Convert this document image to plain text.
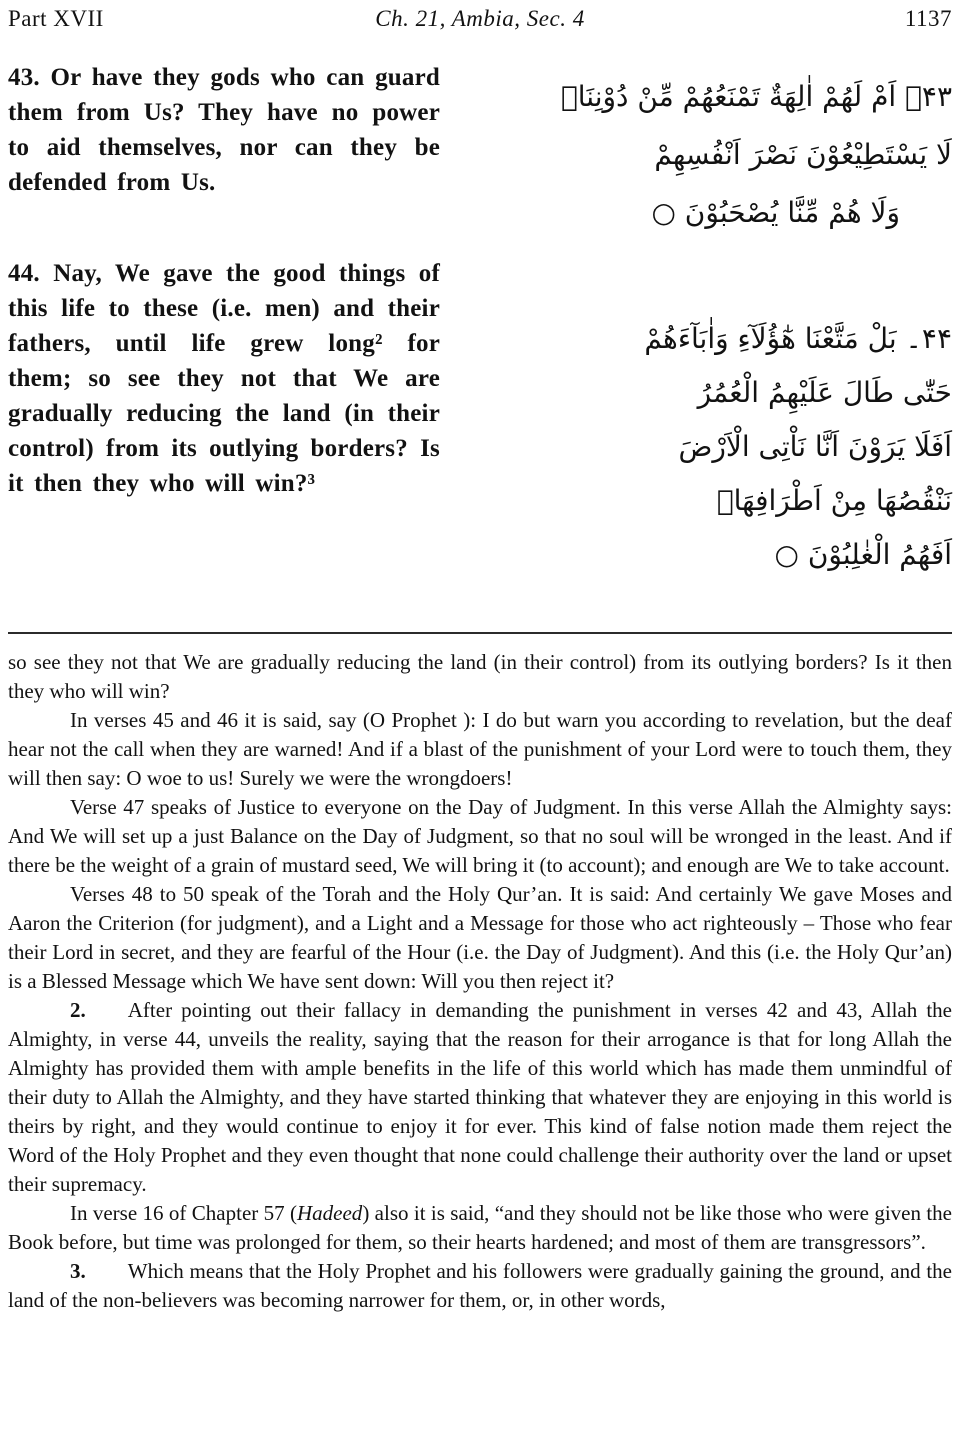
Part XVII	Ch. 21, Ambia, Sec. 4	1137

43. Or have they gods who can guard them from Us? They have no power to aid themselves, nor can they be defended from Us.

44. Nay, We gave the good things of this life to these (i.e. men) and their fathers, until life grew long² for them; so see they not that We are gradually reducing the land (in their control) from its outlying borders? Is it then they who will win?³

۴۳۔ اَمْ لَهُمْ اٰلِهَةٌ تَمْنَعُهُمْ مِّنْ دُوْنِنَاۘ
لَا يَسْتَطِيْعُوْنَ نَصْرَ اَنْفُسِهِمْ
وَلَا هُمْ مِّنَّا يُصْحَبُوْنَ ○
۴۴۔ بَلْ مَتَّعْنَا هٰٓؤُلَآءِ وَاٰبَآءَهُمْ
حَتّٰى طَالَ عَلَيْهِمُ الْعُمُرُ
اَفَلَا يَرَوْنَ اَنَّا نَاْتِى الْاَرْضَ
نَنْقُصُهَا مِنْ اَطْرَافِهَاۚ
اَفَهُمُ الْغٰلِبُوْنَ ○

so see they not that We are gradually reducing the land (in their control) from its outlying borders? Is it then they who will win?

In verses 45 and 46 it is said, say (O Prophet ): I do but warn you according to revelation, but the deaf hear not the call when they are warned! And if a blast of the punishment of your Lord were to touch them, they will then say: O woe to us! Surely we were the wrongdoers!

Verse 47 speaks of Justice to everyone on the Day of Judgment. In this verse Allah the Almighty says: And We will set up a just Balance on the Day of Judgment, so that no soul will be wronged in the least. And if there be the weight of a grain of mustard seed, We will bring it (to account); and enough are We to take account.

Verses 48 to 50 speak of the Torah and the Holy Qur’an. It is said: And certainly We gave Moses and Aaron the Criterion (for judgment), and a Light and a Message for those who act righteously – Those who fear their Lord in secret, and they are fearful of the Hour (i.e. the Day of Judgment). And this (i.e. the Holy Qur’an) is a Blessed Message which We have sent down: Will you then reject it?

2. After pointing out their fallacy in demanding the punishment in verses 42 and 43, Allah the Almighty, in verse 44, unveils the reality, saying that the reason for their arrogance is that for long Allah the Almighty has provided them with ample benefits in the life of this world which has made them unmindful of their duty to Allah the Almighty, and they have started thinking that whatever they are enjoying in this world is theirs by right, and they would continue to enjoy it for ever. This kind of false notion made them reject the Word of the Holy Prophet and they even thought that none could challenge their authority over the land or upset their supremacy.

In verse 16 of Chapter 57 (Hadeed) also it is said, “and they should not be like those who were given the Book before, but time was prolonged for them, so their hearts hardened; and most of them are transgressors”.

3. Which means that the Holy Prophet and his followers were gradually gaining the ground, and the land of the non-believers was becoming narrower for them, or, in other words,
